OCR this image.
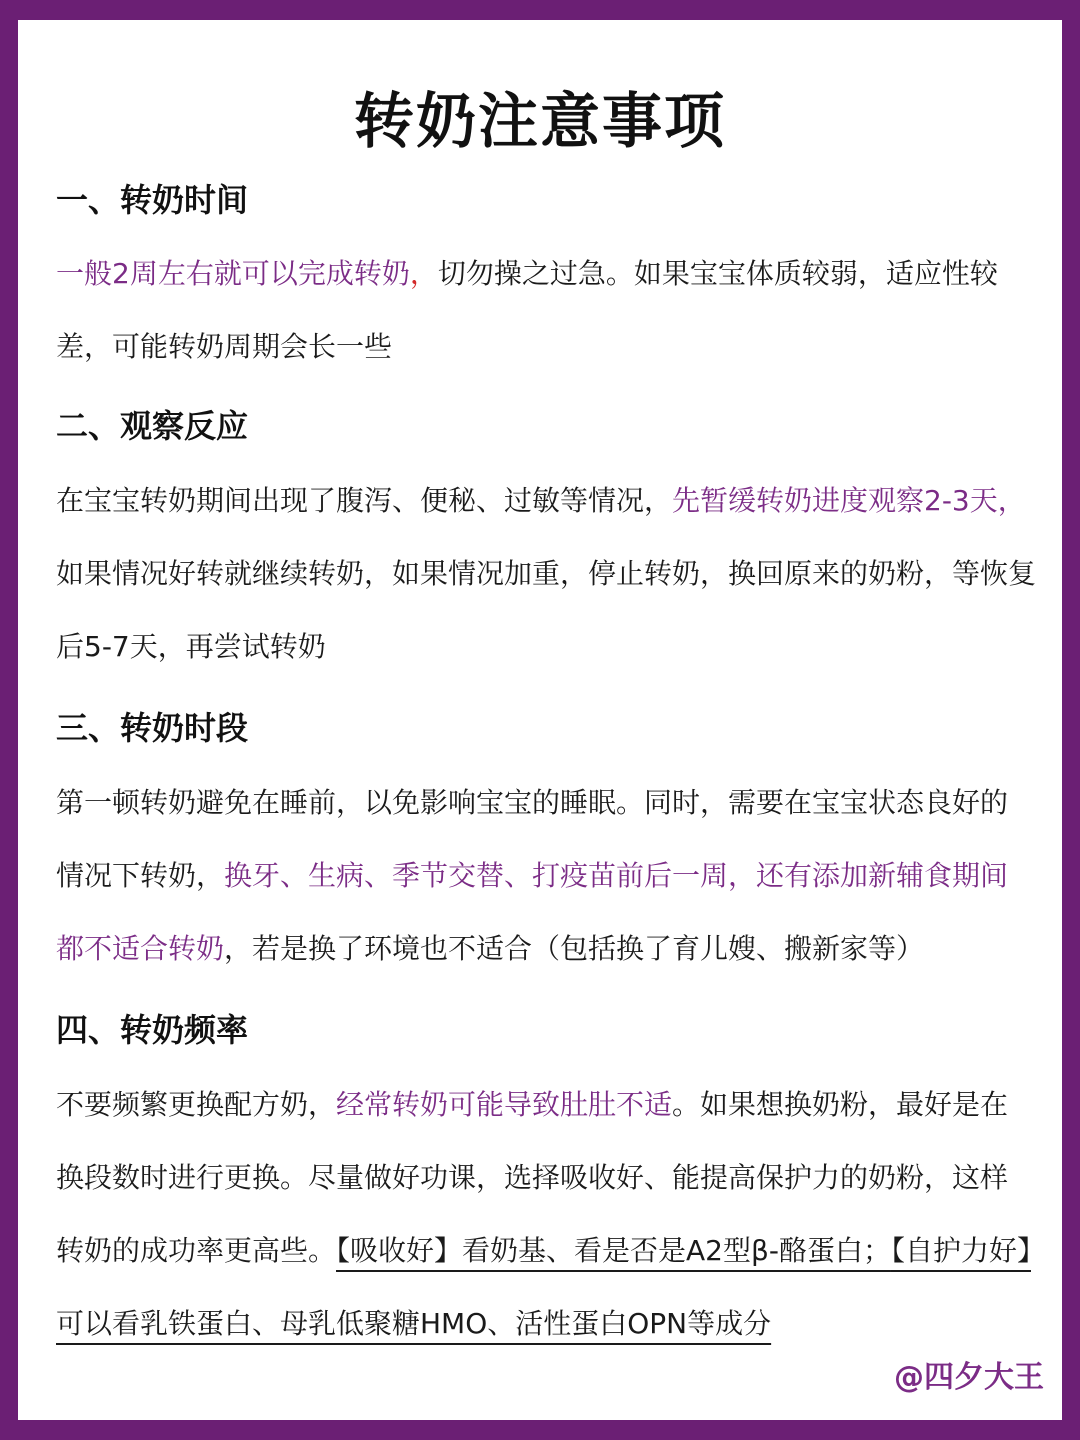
转奶注意事项
一、转奶时间

一般2周左右就可以完成转奶，切勿操之过急。如果宝宝体质较弱，适应性较差，可能转奶周期会长一些

二、观察反应

在宝宝转奶期间出现了腹泻、便秘、过敏等情况，先暂缓转奶进度观察2-3天，如果情况好转就继续转奶，如果情况加重，停止转奶，换回原来的奶粉，等恢复后5-7天，再尝试转奶

三、转奶时段

第一顿转奶避免在睡前，以免影响宝宝的睡眠。同时，需要在宝宝状态良好的情况下转奶，换牙、生病、季节交替、打疫苗前后一周，还有添加新辅食期间都不适合转奶，若是换了环境也不适合（包括换了育儿嫂、搬新家等）

四、转奶频率

不要频繁更换配方奶，经常转奶可能导致肚肚不适。如果想换奶粉，最好是在换段数时进行更换。尽量做好功课，选择吸收好、能提高保护力的奶粉，这样转奶的成功率更高些。【吸收好】看奶基、看是否是A2型β-酪蛋白；【自护力好】可以看乳铁蛋白、母乳低聚糖HMO、活性蛋白OPN等成分

@四夕大王
